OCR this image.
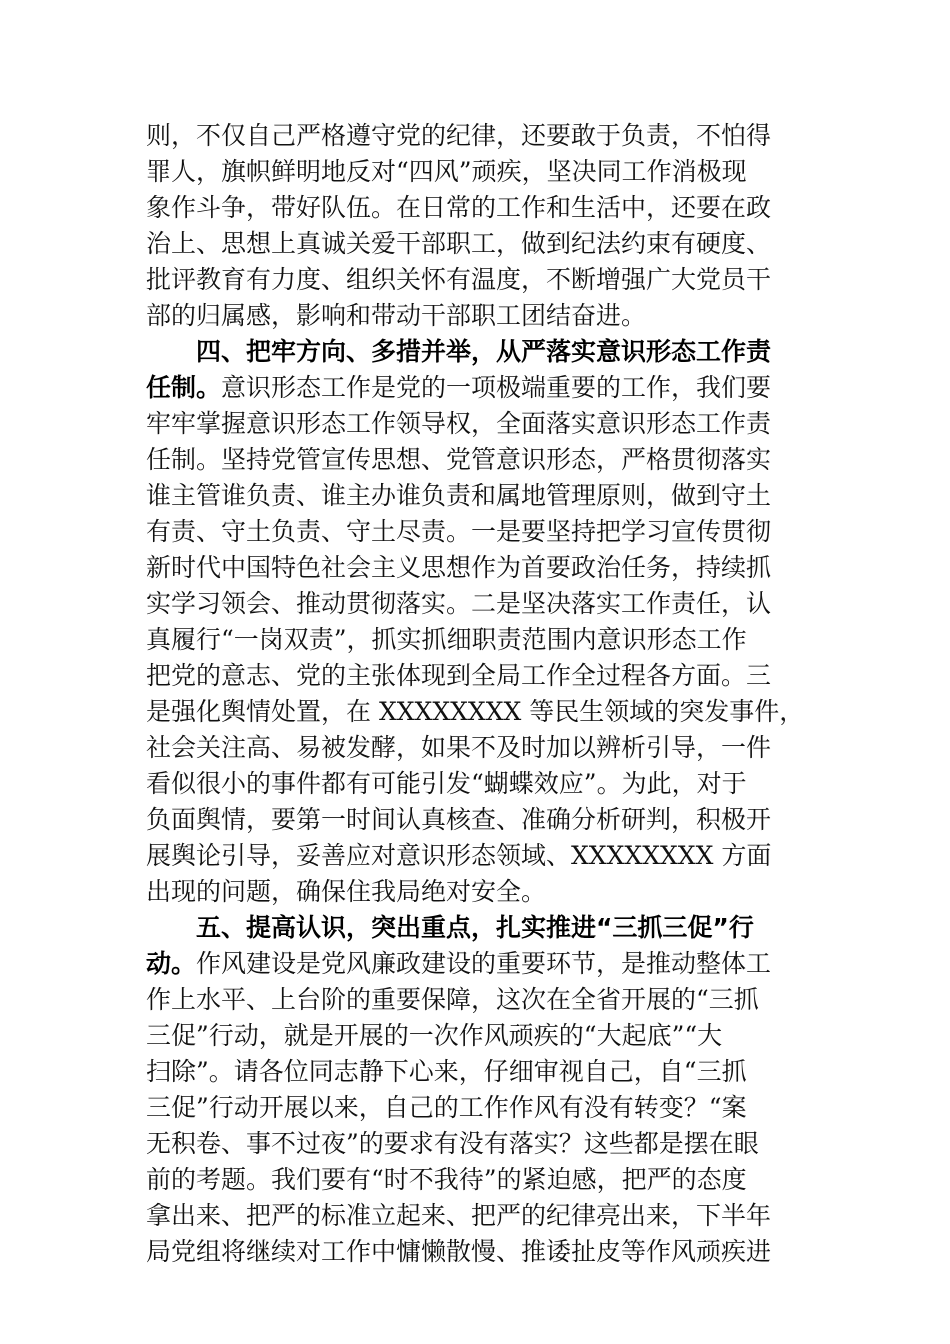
则，不仅自己严格遵守党的纪律，还要敢于负责，不怕得

罪人，旗帜鲜明地反对“四风”顽疾，坚决同工作消极现

象作斗争，带好队伍。在日常的工作和生活中，还要在政

治上、思想上真诚关爱干部职工，做到纪法约束有硬度、

批评教育有力度、组织关怀有温度，不断增强广大党员干

部的归属感，影响和带动干部职工团结奋进。

四、把牢方向、多措并举，从严落实意识形态工作责

任制。意识形态工作是党的一项极端重要的工作，我们要

牢牢掌握意识形态工作领导权，全面落实意识形态工作责

任制。坚持党管宣传思想、党管意识形态，严格贯彻落实

谁主管谁负责、谁主办谁负责和属地管理原则，做到守土

有责、守土负责、守土尽责。一是要坚持把学习宣传贯彻

新时代中国特色社会主义思想作为首要政治任务，持续抓

实学习领会、推动贯彻落实。二是坚决落实工作责任，认

真履行“一岗双责”，抓实抓细职责范围内意识形态工作

把党的意志、党的主张体现到全局工作全过程各方面。三

是强化舆情处置，在 XXXXXXXX 等民生领域的突发事件，

社会关注高、易被发酵，如果不及时加以辨析引导，一件

看似很小的事件都有可能引发“蝴蝶效应”。为此，对于

负面舆情，要第一时间认真核查、准确分析研判，积极开

展舆论引导，妥善应对意识形态领域、XXXXXXXX 方面

出现的问题，确保住我局绝对安全。

五、提高认识，突出重点，扎实推进“三抓三促”行

动。作风建设是党风廉政建设的重要环节，是推动整体工

作上水平、上台阶的重要保障，这次在全省开展的“三抓

三促”行动，就是开展的一次作风顽疾的“大起底”“大

扫除”。请各位同志静下心来，仔细审视自己，自“三抓

三促”行动开展以来，自己的工作作风有没有转变？“案

无积卷、事不过夜”的要求有没有落实？这些都是摆在眼

前的考题。我们要有“时不我待”的紧迫感，把严的态度

拿出来、把严的标准立起来、把严的纪律亮出来，下半年

局党组将继续对工作中慵懒散慢、推诿扯皮等作风顽疾进
